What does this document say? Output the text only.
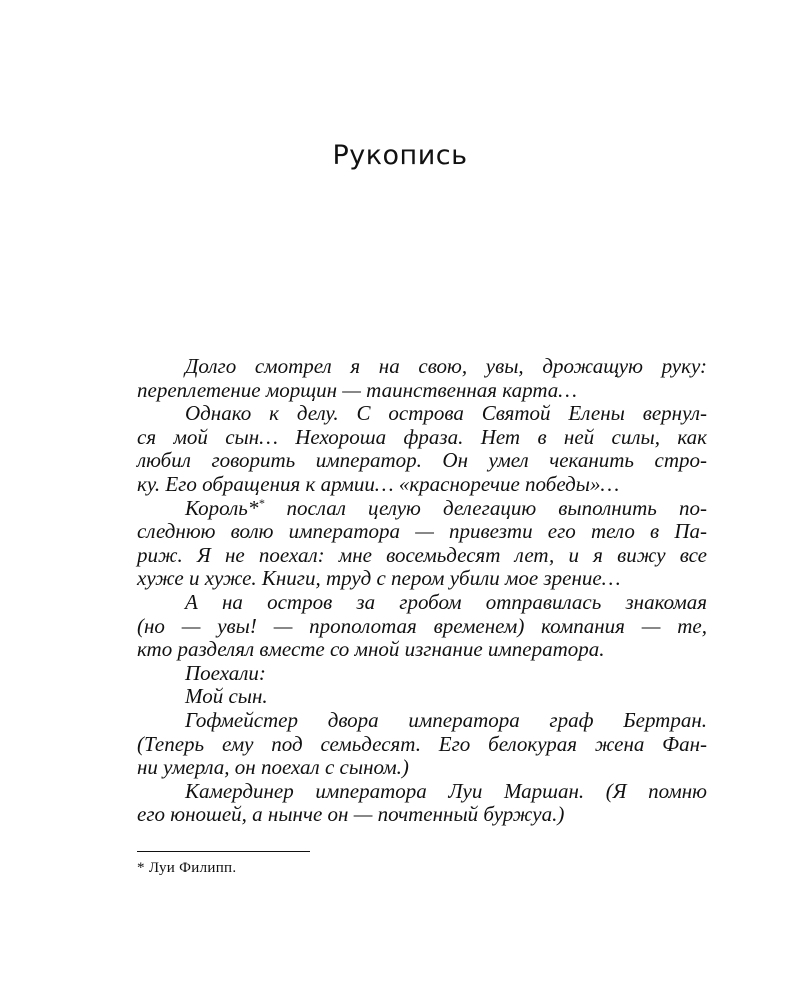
Рукопись
Долго смотрел я на свою, увы, дрожащую руку:
переплетение морщин — таинственная карта…
Однако к делу. С острова Святой Елены вернул-
ся мой сын… Нехороша фраза. Нет в ней силы, как
любил говорить император. Он умел чеканить стро-
ку. Его обращения к армии… «красноречие победы»…
Король** послал целую делегацию выполнить по-
следнюю волю императора — привезти его тело в Па-
риж. Я не поехал: мне восемьдесят лет, и я вижу все
хуже и хуже. Книги, труд с пером убили мое зрение…
А на остров за гробом отправилась знакомая
(но — увы! — прополотая временем) компания — те,
кто разделял вместе со мной изгнание императора.
Поехали:
Мой сын.
Гофмейстер двора императора граф Бертран.
(Теперь ему под семьдесят. Его белокурая жена Фан-
ни умерла, он поехал с сыном.)
Камердинер императора Луи Маршан. (Я помню
его юношей, а нынче он — почтенный буржуа.)
* Луи Филипп.
